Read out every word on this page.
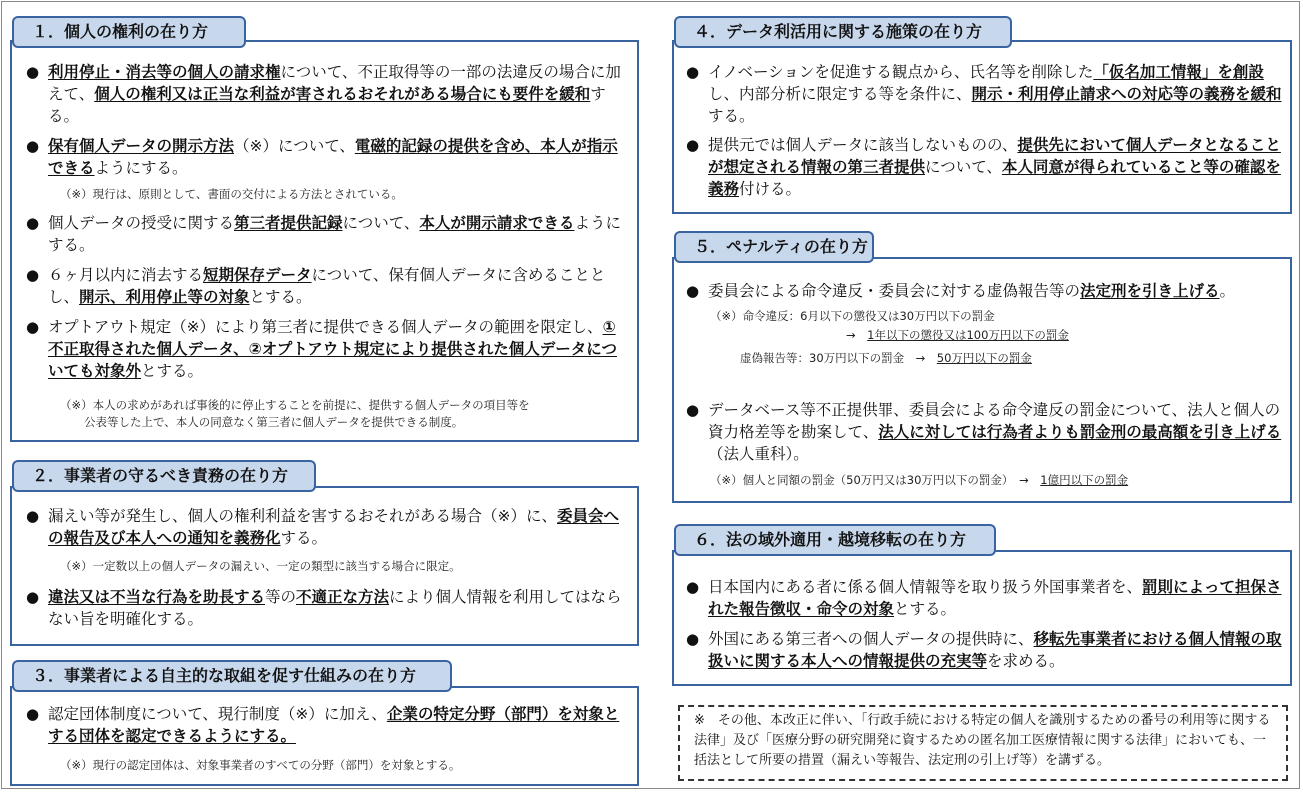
１．個人の権利の在り方
● 利用停止・消去等の個人の請求権について、不正取得等の一部の法違反の場合に加えて、個人の権利又は正当な利益が害されるおそれがある場合にも要件を緩和する。
● 保有個人データの開示方法（※）について、電磁的記録の提供を含め、本人が指示できるようにする。
（※）現行は、原則として、書面の交付による方法とされている。
● 個人データの授受に関する第三者提供記録について、本人が開示請求できるようにする。
● ６ヶ月以内に消去する短期保存データについて、保有個人データに含めることとし、開示、利用停止等の対象とする。
● オプトアウト規定（※）により第三者に提供できる個人データの範囲を限定し、①不正取得された個人データ、②オプトアウト規定により提供された個人データについても対象外とする。
（※）本人の求めがあれば事後的に停止することを前提に、提供する個人データの項目等を
公表等した上で、本人の同意なく第三者に個人データを提供できる制度。
２．事業者の守るべき責務の在り方
● 漏えい等が発生し、個人の権利利益を害するおそれがある場合（※）に、委員会への報告及び本人への通知を義務化する。
（※）一定数以上の個人データの漏えい、一定の類型に該当する場合に限定。
● 違法又は不当な行為を助長する等の不適正な方法により個人情報を利用してはならない旨を明確化する。
３．事業者による自主的な取組を促す仕組みの在り方
● 認定団体制度について、現行制度（※）に加え、企業の特定分野（部門）を対象とする団体を認定できるようにする。
（※）現行の認定団体は、対象事業者のすべての分野（部門）を対象とする。
４．データ利活用に関する施策の在り方
● イノベーションを促進する観点から、氏名等を削除した「仮名加工情報」を創設し、内部分析に限定する等を条件に、開示・利用停止請求への対応等の義務を緩和する。
● 提供元では個人データに該当しないものの、提供先において個人データとなることが想定される情報の第三者提供について、本人同意が得られていること等の確認を義務付ける。
５．ペナルティの在り方
● 委員会による命令違反・委員会に対する虚偽報告等の法定刑を引き上げる。
（※）命令違反：6月以下の懲役又は30万円以下の罰金
→　 1年以下の懲役又は100万円以下の罰金
虚偽報告等：30万円以下の罰金　→　 50万円以下の罰金
● データベース等不正提供罪、委員会による命令違反の罰金について、法人と個人の資力格差等を勘案して、法人に対しては行為者よりも罰金刑の最高額を引き上げる（法人重科）。
（※）個人と同額の罰金（50万円又は30万円以下の罰金）　→　 1億円以下の罰金
６．法の域外適用・越境移転の在り方
● 日本国内にある者に係る個人情報等を取り扱う外国事業者を、罰則によって担保された報告徴収・命令の対象とする。
● 外国にある第三者への個人データの提供時に、移転先事業者における個人情報の取扱いに関する本人への情報提供の充実等を求める。
※　その他、本改正に伴い、「行政手続における特定の個人を識別するための番号の利用等に関する法律」及び「医療分野の研究開発に資するための匿名加工医療情報に関する法律」においても、一括法として所要の措置（漏えい等報告、法定刑の引上げ等）を講ずる。
